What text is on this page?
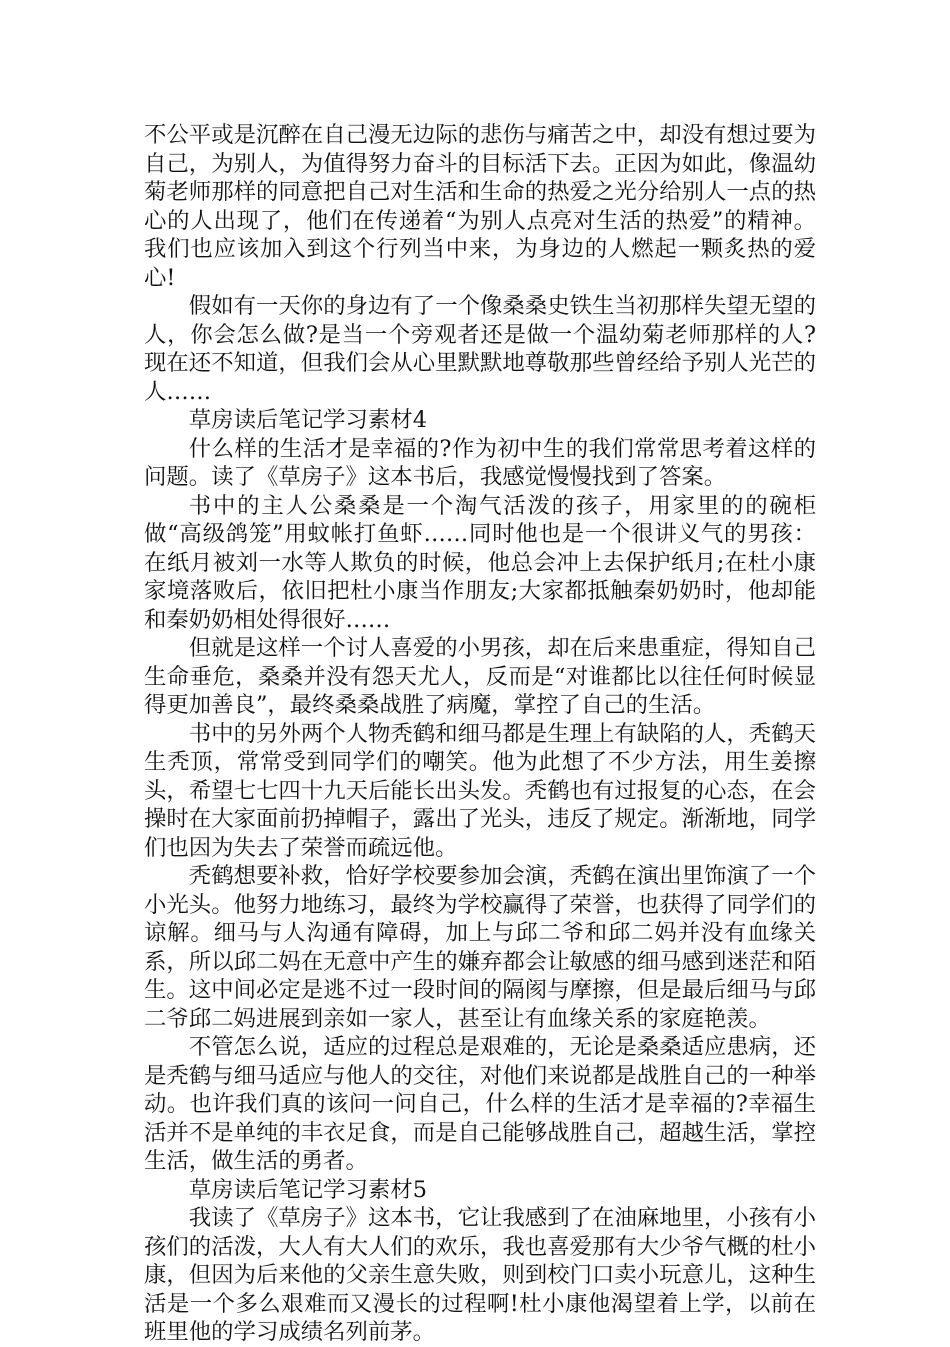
不公平或是沉醉在自己漫无边际的悲伤与痛苦之中，却没有想过要为自己，为别人，为值得努力奋斗的目标活下去。正因为如此，像温幼菊老师那样的同意把自己对生活和生命的热爱之光分给别人一点的热心的人出现了，他们在传递着“为别人点亮对生活的热爱”的精神。我们也应该加入到这个行列当中来，为身边的人燃起一颗炙热的爱心!

假如有一天你的身边有了一个像桑桑史铁生当初那样失望无望的人，你会怎么做?是当一个旁观者还是做一个温幼菊老师那样的人?现在还不知道，但我们会从心里默默地尊敬那些曾经给予别人光芒的人……

草房读后笔记学习素材4

什么样的生活才是幸福的?作为初中生的我们常常思考着这样的问题。读了《草房子》这本书后，我感觉慢慢找到了答案。

书中的主人公桑桑是一个淘气活泼的孩子，用家里的的碗柜做“高级鸽笼”用蚊帐打鱼虾……同时他也是一个很讲义气的男孩：在纸月被刘一水等人欺负的时候，他总会冲上去保护纸月;在杜小康家境落败后，依旧把杜小康当作朋友;大家都抵触秦奶奶时，他却能和秦奶奶相处得很好……

但就是这样一个讨人喜爱的小男孩，却在后来患重症，得知自己生命垂危，桑桑并没有怨天尤人，反而是“对谁都比以往任何时候显得更加善良”，最终桑桑战胜了病魔，掌控了自己的生活。

书中的另外两个人物秃鹤和细马都是生理上有缺陷的人，秃鹤天生秃顶，常常受到同学们的嘲笑。他为此想了不少方法，用生姜擦头，希望七七四十九天后能长出头发。秃鹤也有过报复的心态，在会操时在大家面前扔掉帽子，露出了光头，违反了规定。渐渐地，同学们也因为失去了荣誉而疏远他。

秃鹤想要补救，恰好学校要参加会演，秃鹤在演出里饰演了一个小光头。他努力地练习，最终为学校赢得了荣誉，也获得了同学们的谅解。细马与人沟通有障碍，加上与邱二爷和邱二妈并没有血缘关系，所以邱二妈在无意中产生的嫌弃都会让敏感的细马感到迷茫和陌生。这中间必定是逃不过一段时间的隔阂与摩擦，但是最后细马与邱二爷邱二妈进展到亲如一家人，甚至让有血缘关系的家庭艳羡。

不管怎么说，适应的过程总是艰难的，无论是桑桑适应患病，还是秃鹤与细马适应与他人的交往，对他们来说都是战胜自己的一种举动。也许我们真的该问一问自己，什么样的生活才是幸福的?幸福生活并不是单纯的丰衣足食，而是自己能够战胜自己，超越生活，掌控生活，做生活的勇者。

草房读后笔记学习素材5

我读了《草房子》这本书，它让我感到了在油麻地里，小孩有小孩们的活泼，大人有大人们的欢乐，我也喜爱那有大少爷气概的杜小康，但因为后来他的父亲生意失败，则到校门口卖小玩意儿，这种生活是一个多么艰难而又漫长的过程啊!杜小康他渴望着上学，以前在班里他的学习成绩名列前茅。
